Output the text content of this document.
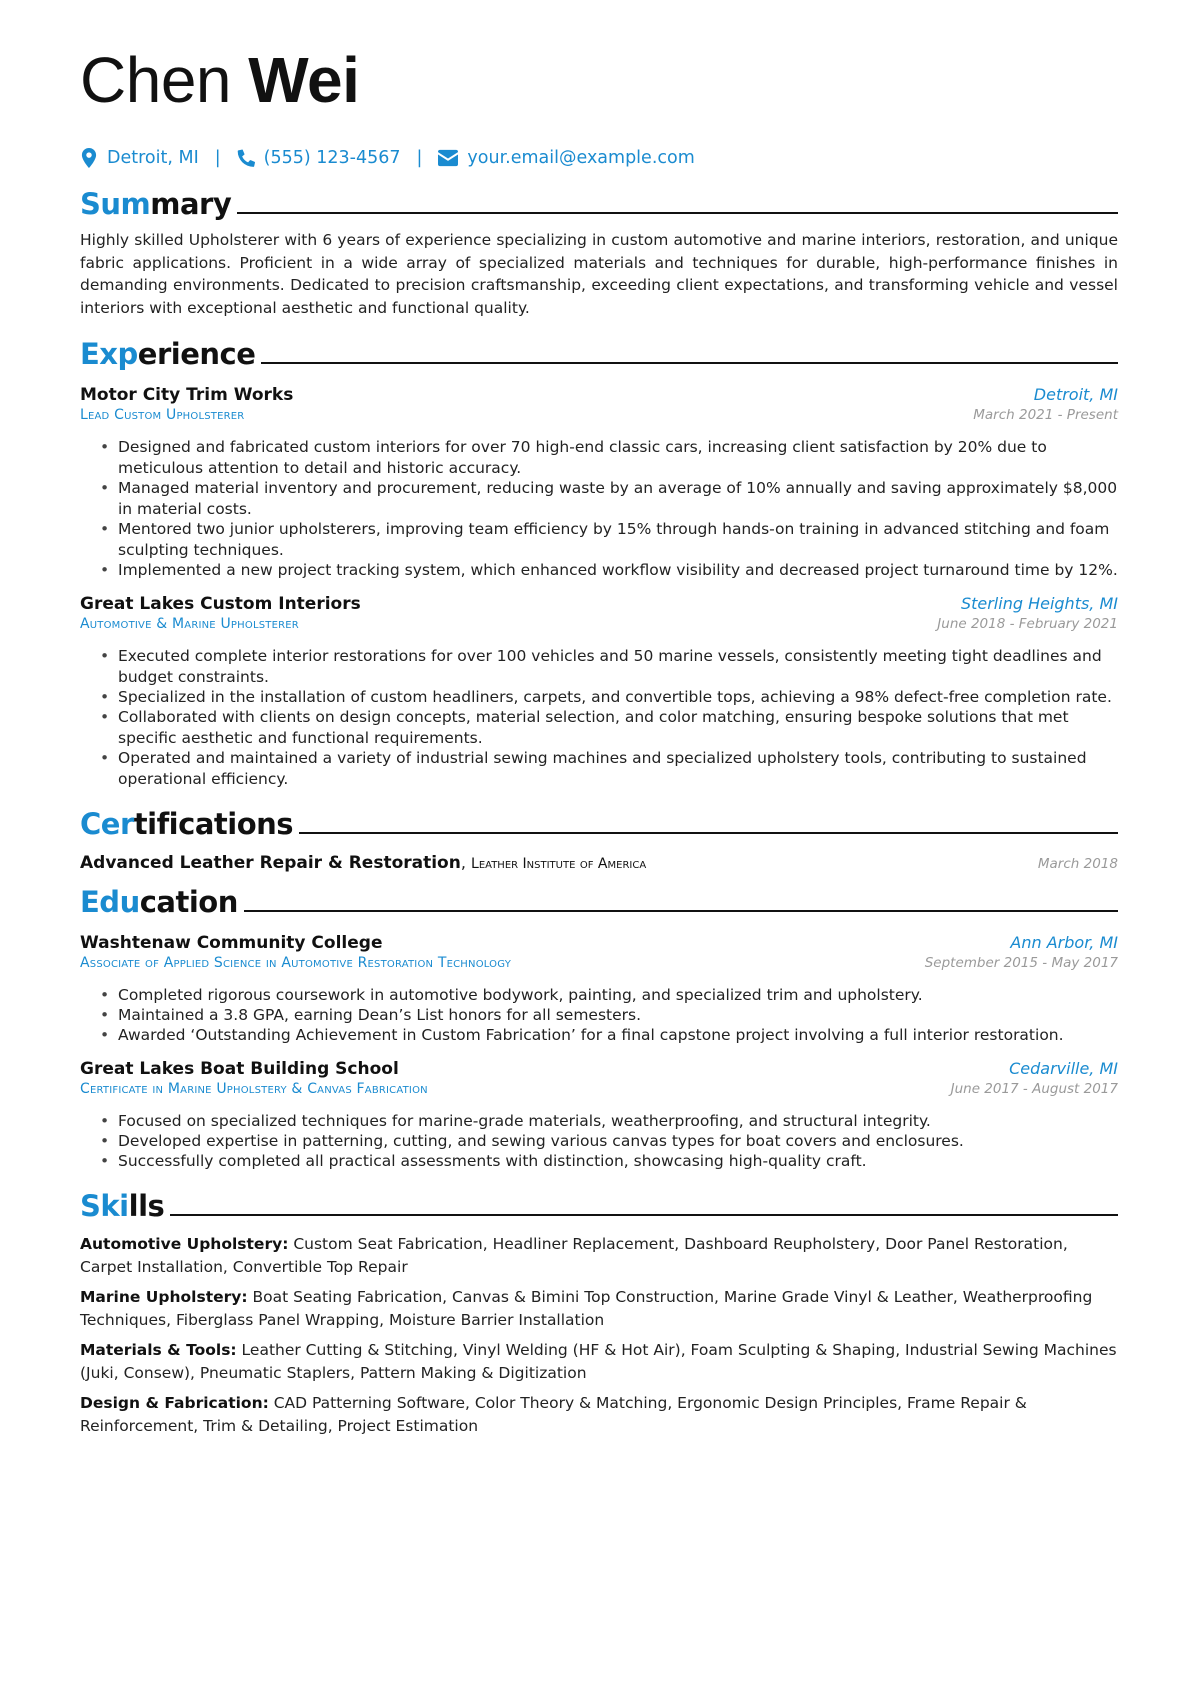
Chen Wei
Detroit, MI | (555) 123-4567 |	your.email@example.com
Summary
Highly skilled Upholsterer with 6 years of experience specializing in custom automotive and marine interiors, restoration, and unique fabric applications. Proficient in a wide array of specialized materials and techniques for durable, high-performance finishes in demanding environments. Dedicated to precision craftsmanship, exceeding client expectations, and transforming vehicle and vessel interiors with exceptional aesthetic and functional quality.
Experience
Motor City Trim Works	Detroit, MI
Lead Custom Upholsterer	March 2021 - Present
• Designed and fabricated custom interiors for over 70 high-end classic cars, increasing client satisfaction by 20% due to meticulous attention to detail and historic accuracy.
• Managed material inventory and procurement, reducing waste by an average of 10% annually and saving approximately $8,000 in material costs.
• Mentored two junior upholsterers, improving team efficiency by 15% through hands-on training in advanced stitching and foam sculpting techniques.
• Implemented a new project tracking system, which enhanced workflow visibility and decreased project turnaround time by 12%.
Great Lakes Custom Interiors	Sterling Heights, MI
Automotive & Marine Upholsterer	June 2018 - February 2021
• Executed complete interior restorations for over 100 vehicles and 50 marine vessels, consistently meeting tight deadlines and budget constraints.
• Specialized in the installation of custom headliners, carpets, and convertible tops, achieving a 98% defect-free completion rate.
• Collaborated with clients on design concepts, material selection, and color matching, ensuring bespoke solutions that met specific aesthetic and functional requirements.
• Operated and maintained a variety of industrial sewing machines and specialized upholstery tools, contributing to sustained operational efficiency.
Certifications
Advanced Leather Repair & Restoration, Leather Institute of America	March 2018
Education
Washtenaw Community College	Ann Arbor, MI
Associate of Applied Science in Automotive Restoration Technology	September 2015 - May 2017
• Completed rigorous coursework in automotive bodywork, painting, and specialized trim and upholstery.
• Maintained a 3.8 GPA, earning Dean’s List honors for all semesters.
• Awarded ‘Outstanding Achievement in Custom Fabrication’ for a final capstone project involving a full interior restoration.
Great Lakes Boat Building School	Cedarville, MI
Certificate in Marine Upholstery & Canvas Fabrication	June 2017 - August 2017
• Focused on specialized techniques for marine-grade materials, weatherproofing, and structural integrity.
• Developed expertise in patterning, cutting, and sewing various canvas types for boat covers and enclosures.
• Successfully completed all practical assessments with distinction, showcasing high-quality craft.
Skills
Automotive Upholstery: Custom Seat Fabrication, Headliner Replacement, Dashboard Reupholstery, Door Panel Restoration, Carpet Installation, Convertible Top Repair
Marine Upholstery: Boat Seating Fabrication, Canvas & Bimini Top Construction, Marine Grade Vinyl & Leather, Weatherproofing Techniques, Fiberglass Panel Wrapping, Moisture Barrier Installation
Materials & Tools: Leather Cutting & Stitching, Vinyl Welding (HF & Hot Air), Foam Sculpting & Shaping, Industrial Sewing Machines (Juki, Consew), Pneumatic Staplers, Pattern Making & Digitization
Design & Fabrication: CAD Patterning Software, Color Theory & Matching, Ergonomic Design Principles, Frame Repair & Reinforcement, Trim & Detailing, Project Estimation
